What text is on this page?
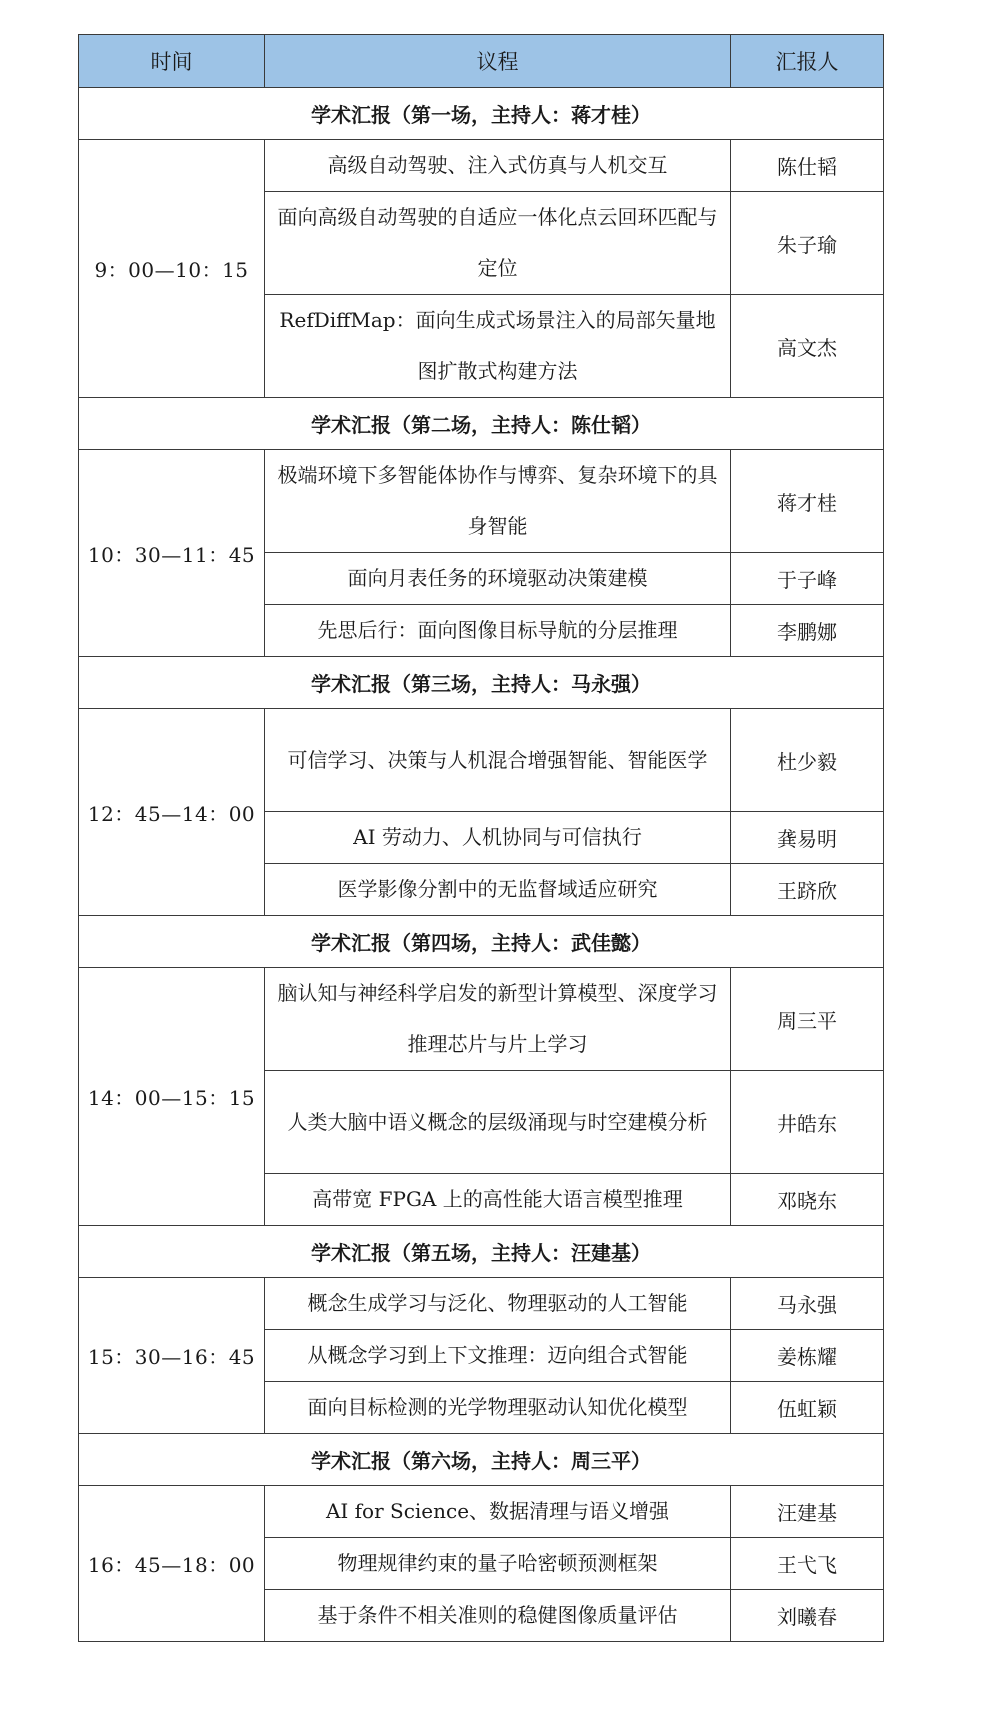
时间	议程	汇报人
学术汇报（第一场，主持人：蒋才桂）		
9：00—10：15	高级自动驾驶、注入式仿真与人机交互	陈仕韬
	面向高级自动驾驶的自适应一体化点云回环匹配与定位	朱子瑜
	RefDiffMap：面向生成式场景注入的局部矢量地图扩散式构建方法	高文杰
学术汇报（第二场，主持人：陈仕韬）		
10：30—11：45	极端环境下多智能体协作与博弈、复杂环境下的具身智能	蒋才桂
	面向月表任务的环境驱动决策建模	于子峰
	先思后行：面向图像目标导航的分层推理	李鹏娜
学术汇报（第三场，主持人：马永强）		
12：45—14：00	可信学习、决策与人机混合增强智能、智能医学	杜少毅
	AI 劳动力、人机协同与可信执行	龚易明
	医学影像分割中的无监督域适应研究	王跻欣
学术汇报（第四场，主持人：武佳懿）		
14：00—15：15	脑认知与神经科学启发的新型计算模型、深度学习推理芯片与片上学习	周三平
	人类大脑中语义概念的层级涌现与时空建模分析	井皓东
	高带宽 FPGA 上的高性能大语言模型推理	邓晓东
学术汇报（第五场，主持人：汪建基）		
15：30—16：45	概念生成学习与泛化、物理驱动的人工智能	马永强
	从概念学习到上下文推理：迈向组合式智能	姜栋耀
	面向目标检测的光学物理驱动认知优化模型	伍虹颖
学术汇报（第六场，主持人：周三平）		
16：45—18：00	AI for Science、数据清理与语义增强	汪建基
	物理规律约束的量子哈密顿预测框架	王弋飞
	基于条件不相关准则的稳健图像质量评估	刘曦春
